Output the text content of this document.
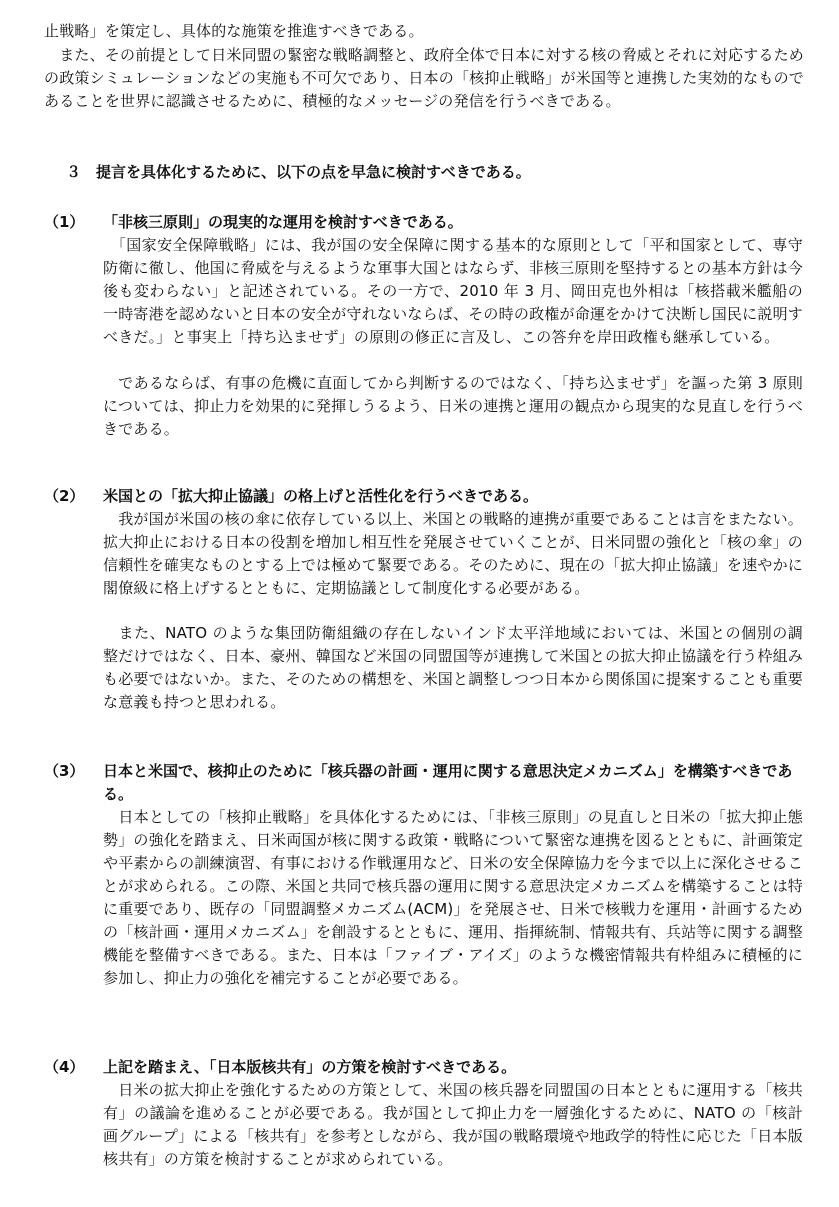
止戦略」を策定し、具体的な施策を推進すべきである。

　また、その前提として日米同盟の緊密な戦略調整と、政府全体で日本に対する核の脅威とそれに対応するための政策シミュレーションなどの実施も不可欠であり、日本の「核抑止戦略」が米国等と連携した実効的なものであることを世界に認識させるために、積極的なメッセージの発信を行うべきである。

３　提言を具体化するために、以下の点を早急に検討すべきである。

（1） 「非核三原則」の現実的な運用を検討すべきである。

　「国家安全保障戦略」には、我が国の安全保障に関する基本的な原則として「平和国家として、専守防衛に徹し、他国に脅威を与えるような軍事大国とはならず、非核三原則を堅持するとの基本方針は今後も変わらない」と記述されている。その一方で、2010 年 3 月、岡田克也外相は「核搭載米艦船の一時寄港を認めないと日本の安全が守れないならば、その時の政権が命運をかけて決断し国民に説明すべきだ。」と事実上「持ち込ませず」の原則の修正に言及し、この答弁を岸田政権も継承している。

　であるならば、有事の危機に直面してから判断するのではなく、「持ち込ませず」を謳った第 3 原則については、抑止力を効果的に発揮しうるよう、日米の連携と運用の観点から現実的な見直しを行うべきである。

（2） 米国との「拡大抑止協議」の格上げと活性化を行うべきである。

　我が国が米国の核の傘に依存している以上、米国との戦略的連携が重要であることは言をまたない。拡大抑止における日本の役割を増加し相互性を発展させていくことが、日米同盟の強化と「核の傘」の信頼性を確実なものとする上では極めて緊要である。そのために、現在の「拡大抑止協議」を速やかに閣僚級に格上げするとともに、定期協議として制度化する必要がある。

　また、NATO のような集団防衛組織の存在しないインド太平洋地域においては、米国との個別の調整だけではなく、日本、豪州、韓国など米国の同盟国等が連携して米国との拡大抑止協議を行う枠組みも必要ではないか。また、そのための構想を、米国と調整しつつ日本から関係国に提案することも重要な意義も持つと思われる。

（3） 日本と米国で、核抑止のために「核兵器の計画・運用に関する意思決定メカニズム」を構築すべきである。

　日本としての「核抑止戦略」を具体化するためには、「非核三原則」の見直しと日米の「拡大抑止態勢」の強化を踏まえ、日米両国が核に関する政策・戦略について緊密な連携を図るとともに、計画策定や平素からの訓練演習、有事における作戦運用など、日米の安全保障協力を今まで以上に深化させることが求められる。この際、米国と共同で核兵器の運用に関する意思決定メカニズムを構築することは特に重要であり、既存の「同盟調整メカニズム(ACM)」を発展させ、日米で核戦力を運用・計画するための「核計画・運用メカニズム」を創設するとともに、運用、指揮統制、情報共有、兵站等に関する調整機能を整備すべきである。また、日本は「ファイブ・アイズ」のような機密情報共有枠組みに積極的に参加し、抑止力の強化を補完することが必要である。

（4） 上記を踏まえ、「日本版核共有」の方策を検討すべきである。

　日米の拡大抑止を強化するための方策として、米国の核兵器を同盟国の日本とともに運用する「核共有」の議論を進めることが必要である。我が国として抑止力を一層強化するために、NATO の「核計画グループ」による「核共有」を参考としながら、我が国の戦略環境や地政学的特性に応じた「日本版核共有」の方策を検討することが求められている。
